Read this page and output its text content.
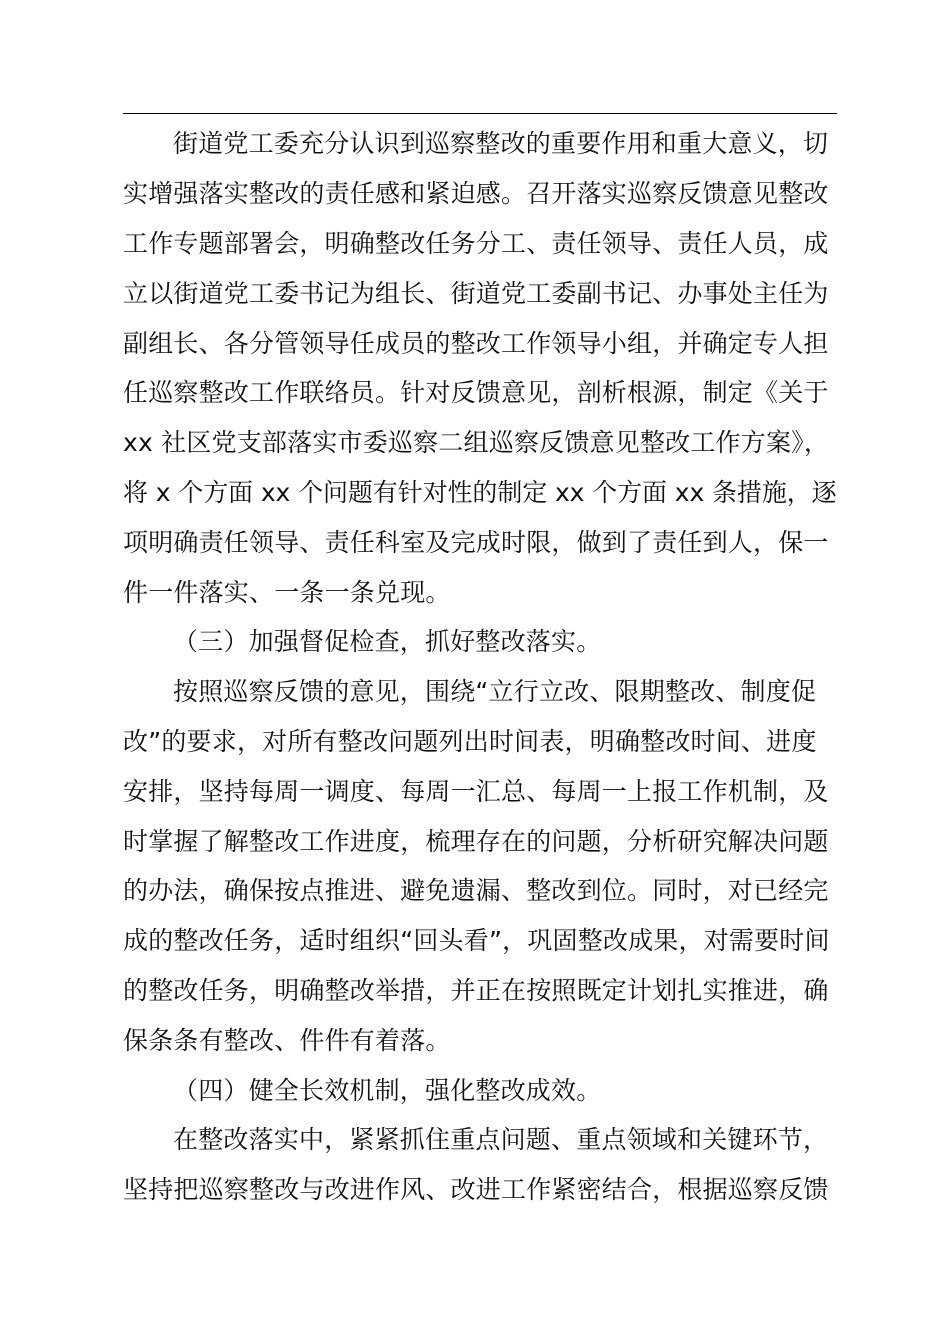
街道党工委充分认识到巡察整改的重要作用和重大意义，切
实增强落实整改的责任感和紧迫感。召开落实巡察反馈意见整改
工作专题部署会，明确整改任务分工、责任领导、责任人员，成
立以街道党工委书记为组长、街道党工委副书记、办事处主任为
副组长、各分管领导任成员的整改工作领导小组，并确定专人担
任巡察整改工作联络员。针对反馈意见，剖析根源，制定《关于
xx 社区党支部落实市委巡察二组巡察反馈意见整改工作方案》，
将 x 个方面 xx 个问题有针对性的制定 xx 个方面 xx 条措施，逐
项明确责任领导、责任科室及完成时限，做到了责任到人，保一
件一件落实、一条一条兑现。
（三）加强督促检查，抓好整改落实。
按照巡察反馈的意见，围绕“立行立改、限期整改、制度促
改”的要求，对所有整改问题列出时间表，明确整改时间、进度
安排，坚持每周一调度、每周一汇总、每周一上报工作机制，及
时掌握了解整改工作进度，梳理存在的问题，分析研究解决问题
的办法，确保按点推进、避免遗漏、整改到位。同时，对已经完
成的整改任务，适时组织“回头看”，巩固整改成果，对需要时间
的整改任务，明确整改举措，并正在按照既定计划扎实推进，确
保条条有整改、件件有着落。
（四）健全长效机制，强化整改成效。
在整改落实中，紧紧抓住重点问题、重点领域和关键环节，
坚持把巡察整改与改进作风、改进工作紧密结合，根据巡察反馈
